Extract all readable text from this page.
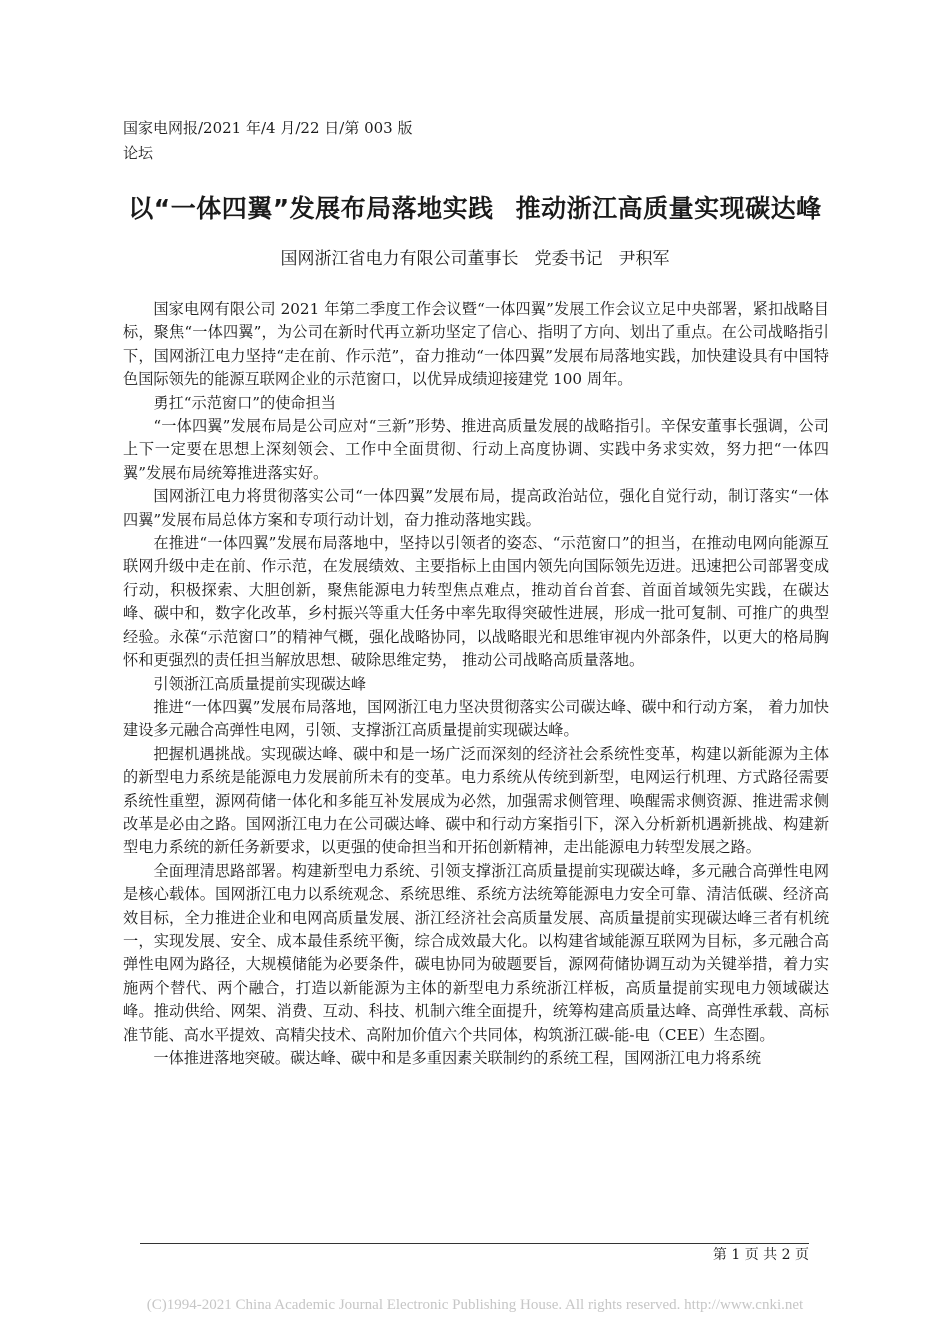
国家电网报/2021 年/4 月/22 日/第 003 版
论坛
以“一体四翼”发展布局落地实践 推动浙江高质量实现碳达峰
国网浙江省电力有限公司董事长 党委书记 尹积军

国家电网有限公司 2021 年第二季度工作会议暨“一体四翼”发展工作会议立足中央部署，紧扣战略目标，聚焦“一体四翼”，为公司在新时代再立新功坚定了信心、指明了方向、划出了重点。在公司战略指引下，国网浙江电力坚持“走在前、作示范”，奋力推动“一体四翼”发展布局落地实践，加快建设具有中国特色国际领先的能源互联网企业的示范窗口，以优异成绩迎接建党 100 周年。

勇扛“示范窗口”的使命担当

“一体四翼”发展布局是公司应对“三新”形势、推进高质量发展的战略指引。辛保安董事长强调，公司上下一定要在思想上深刻领会、工作中全面贯彻、行动上高度协调、实践中务求实效，努力把“一体四翼”发展布局统筹推进落实好。

国网浙江电力将贯彻落实公司“一体四翼”发展布局，提高政治站位，强化自觉行动，制订落实“一体四翼”发展布局总体方案和专项行动计划，奋力推动落地实践。

在推进“一体四翼”发展布局落地中，坚持以引领者的姿态、“示范窗口”的担当，在推动电网向能源互联网升级中走在前、作示范，在发展绩效、主要指标上由国内领先向国际领先迈进。迅速把公司部署变成行动，积极探索、大胆创新，聚焦能源电力转型焦点难点，推动首台首套、首面首域领先实践，在碳达峰、碳中和，数字化改革，乡村振兴等重大任务中率先取得突破性进展，形成一批可复制、可推广的典型经验。永葆“示范窗口”的精神气概，强化战略协同，以战略眼光和思维审视内外部条件，以更大的格局胸怀和更强烈的责任担当解放思想、破除思维定势， 推动公司战略高质量落地。

引领浙江高质量提前实现碳达峰

推进“一体四翼”发展布局落地，国网浙江电力坚决贯彻落实公司碳达峰、碳中和行动方案， 着力加快建设多元融合高弹性电网，引领、支撑浙江高质量提前实现碳达峰。

把握机遇挑战。实现碳达峰、碳中和是一场广泛而深刻的经济社会系统性变革，构建以新能源为主体的新型电力系统是能源电力发展前所未有的变革。电力系统从传统到新型，电网运行机理、方式路径需要系统性重塑，源网荷储一体化和多能互补发展成为必然，加强需求侧管理、唤醒需求侧资源、推进需求侧改革是必由之路。国网浙江电力在公司碳达峰、碳中和行动方案指引下，深入分析新机遇新挑战、构建新型电力系统的新任务新要求，以更强的使命担当和开拓创新精神，走出能源电力转型发展之路。

全面理清思路部署。构建新型电力系统、引领支撑浙江高质量提前实现碳达峰，多元融合高弹性电网是核心载体。国网浙江电力以系统观念、系统思维、系统方法统筹能源电力安全可靠、清洁低碳、经济高效目标，全力推进企业和电网高质量发展、浙江经济社会高质量发展、高质量提前实现碳达峰三者有机统一，实现发展、安全、成本最佳系统平衡，综合成效最大化。以构建省域能源互联网为目标，多元融合高弹性电网为路径，大规模储能为必要条件，碳电协同为破题要旨，源网荷储协调互动为关键举措，着力实施两个替代、两个融合，打造以新能源为主体的新型电力系统浙江样板，高质量提前实现电力领域碳达峰。推动供给、网架、消费、互动、科技、机制六维全面提升，统筹构建高质量达峰、高弹性承载、高标准节能、高水平提效、高精尖技术、高附加价值六个共同体，构筑浙江碳-能-电（CEE）生态圈。

一体推进落地突破。碳达峰、碳中和是多重因素关联制约的系统工程，国网浙江电力将系统

第 1 页 共 2 页
(C)1994-2021 China Academic Journal Electronic Publishing House. All rights reserved. http://www.cnki.net
